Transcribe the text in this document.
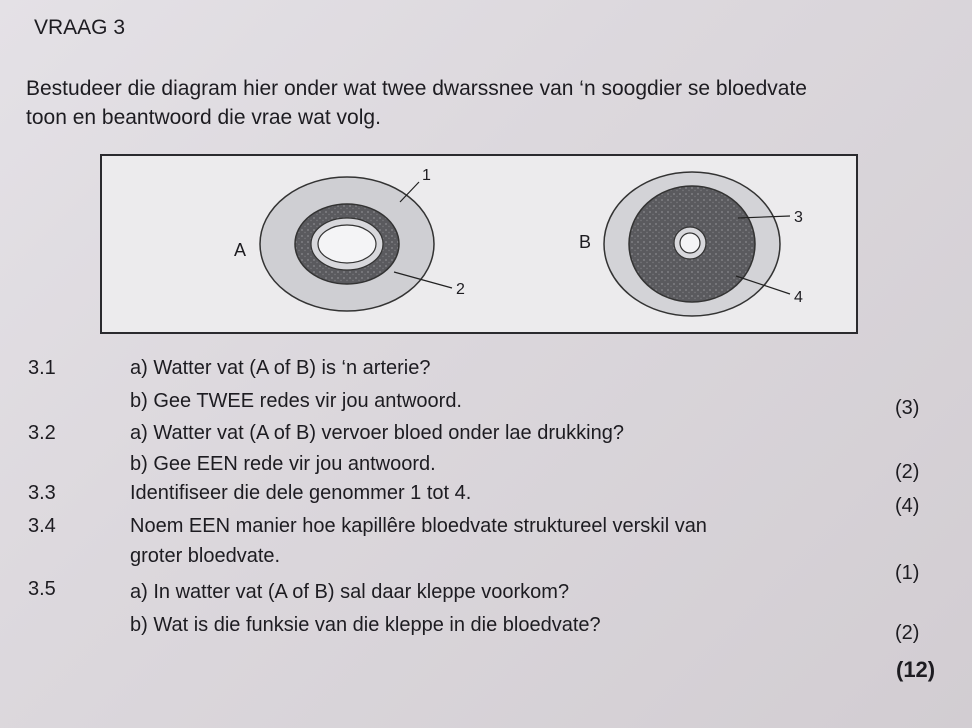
VRAAG 3
Bestudeer die diagram hier onder wat twee dwarssnee van ‘n soogdier se bloedvate
toon en beantwoord die vrae wat volg.
A	B
1
2
3
4
3.1	a) Watter vat (A of B) is ‘n arterie?
b) Gee TWEE redes vir jou antwoord.	(3)
3.2	a) Watter vat (A of B) vervoer bloed onder lae drukking?
b) Gee EEN rede vir jou antwoord.	(2)
3.3	Identifiseer die dele genommer 1 tot 4.
(4)
3.4	Noem EEN manier hoe kapillêre bloedvate struktureel verskil van
groter bloedvate.
(1)
3.5	a) In watter vat (A of B) sal daar kleppe voorkom?
b) Wat is die funksie van die kleppe in die bloedvate?	(2)
(12)
